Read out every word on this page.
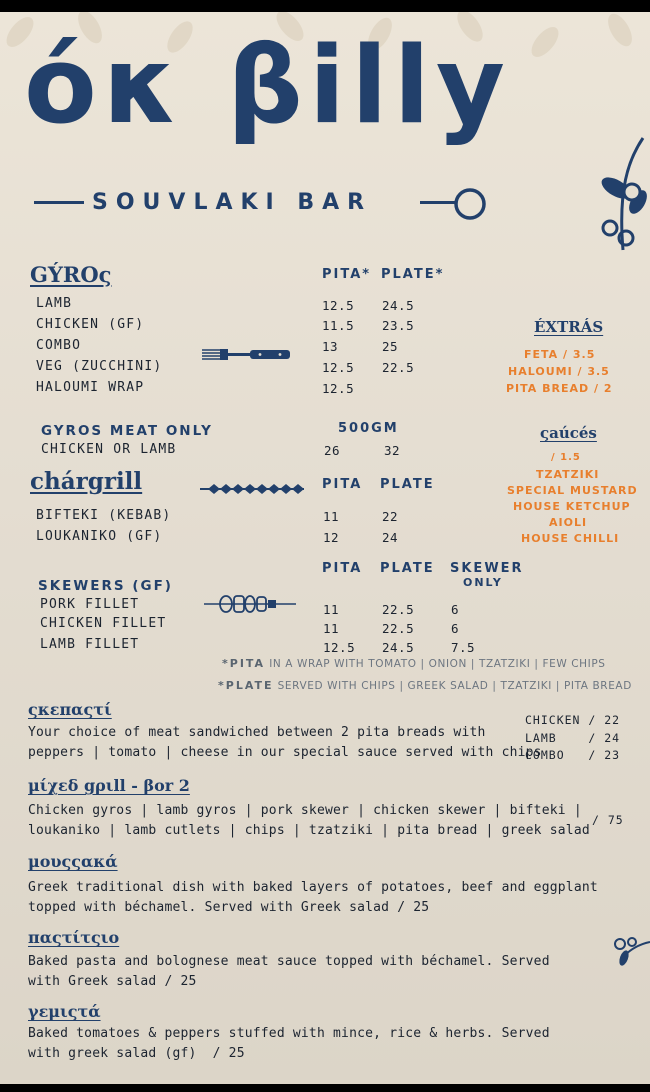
όκ βilly
SOUVLAKI BAR
GÝROς	PITA* PLATE*
LAMB	12.5 24.5
CHICKEN (GF)	11.5 23.5
COMBO	13	25
VEG (ZUCCHINI)	12.5 22.5
HALOUMI WRAP	12.5
GYROS MEAT ONLY	500GM
CHICKEN OR LAMB	26	32
ÉXTRÁS
FETA / 3.5
HALOUMI / 3.5
PITA BREAD / 2
ςaúcés
/ 1.5
TZATZIKI
SPECIAL MUSTARD
HOUSE KETCHUP
AIOLI
HOUSE CHILLI
chárgrill	PITA PLATE
BIFTEKI (KEBAB)	11	22
LOUKANIKO (GF)	12	24
SKEWERS (GF)
PITA PLATE SKEWER
ONLY
PORK FILLET	11	22.5	6
CHICKEN FILLET	11	22.5	6
LAMB FILLET	12.5 24.5	7.5
*PITA IN A WRAP WITH TOMATO | ONION | TZATZIKI | FEW CHIPS
*PLATE SERVED WITH CHIPS | GREEK SALAD | TZATZIKI | PITA BREAD
ςκεπαςτί
Your choice of meat sandwiched between 2 pita breads with
peppers | tomato | cheese in our special sauce served with chips
CHICKEN / 22
LAMB    / 24
COMBO   / 23
μίχεδ gριll - βor 2
Chicken gyros | lamb gyros | pork skewer | chicken skewer | bifteki |
loukaniko | lamb cutlets | chips | tzatziki | pita bread | greek salad
/ 75
μουςςακά
Greek traditional dish with baked layers of potatoes, beef and eggplant
topped with béchamel. Served with Greek salad / 25
παςτίτςιο
Baked pasta and bolognese meat sauce topped with béchamel. Served
with Greek salad / 25
γεμιςτά
Baked tomatoes & peppers stuffed with mince, rice & herbs. Served
with greek salad (gf)  / 25
